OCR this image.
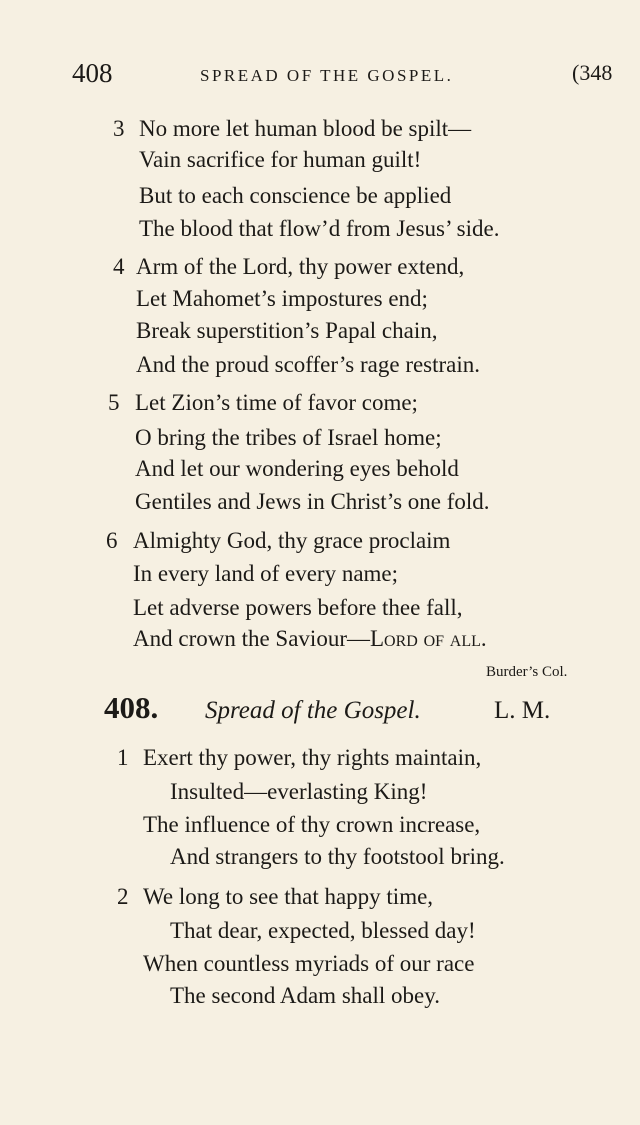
408	SPREAD OF THE GOSPEL.	(348
3 No more let human blood be spilt—
Vain sacrifice for human guilt!
But to each conscience be applied
The blood that flow’d from Jesus’ side.
4 Arm of the Lord, thy power extend,
Let Mahomet’s impostures end;
Break superstition’s Papal chain,
And the proud scoffer’s rage restrain.
5 Let Zion’s time of favor come;
O bring the tribes of Israel home;
And let our wondering eyes behold
Gentiles and Jews in Christ’s one fold.
6 Almighty God, thy grace proclaim
In every land of every name;
Let adverse powers before thee fall,
And crown the Saviour—Lord of all.
Burder’s Col.
408. Spread of the Gospel.	L. M.
1 Exert thy power, thy rights maintain,
Insulted—everlasting King!
The influence of thy crown increase,
And strangers to thy footstool bring.
2 We long to see that happy time,
That dear, expected, blessed day!
When countless myriads of our race
The second Adam shall obey.
